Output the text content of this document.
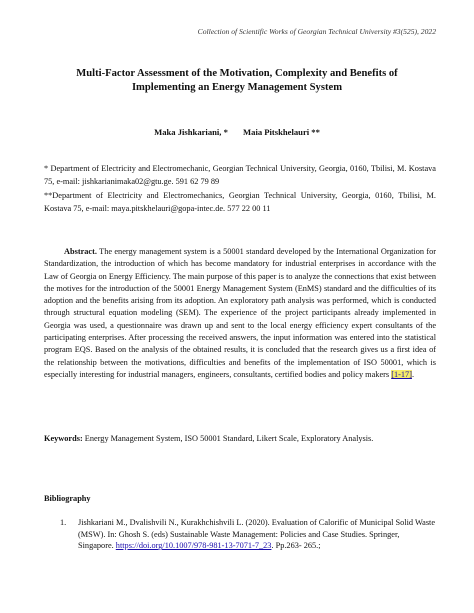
Collection of Scientific Works of Georgian Technical University #3(525), 2022
Multi-Factor Assessment of the Motivation, Complexity and Benefits of
Implementing an Energy Management System
Maka Jishkariani, * Maia Pitskhelauri **
* Department of Electricity and Electromechanic, Georgian Technical University, Georgia, 0160, Tbilisi, M. Kostava 75, e-mail: jishkarianimaka02@gtu.ge. 591 62 79 89
**Department of Electricity and Electromechanics, Georgian Technical University, Georgia, 0160, Tbilisi, M. Kostava 75, e-mail: maya.pitskhelauri@gopa-intec.de. 577 22 00 11
Abstract. The energy management system is a 50001 standard developed by the International Organization for Standardization, the introduction of which has become mandatory for industrial enterprises in accordance with the Law of Georgia on Energy Efficiency. The main purpose of this paper is to analyze the connections that exist between the motives for the introduction of the 50001 Energy Management System (EnMS) standard and the difficulties of its adoption and the benefits arising from its adoption. An exploratory path analysis was performed, which is conducted through structural equation modeling (SEM). The experience of the project participants already implemented in Georgia was used, a questionnaire was drawn up and sent to the local energy efficiency expert consultants of the participating enterprises. After processing the received answers, the input information was entered into the statistical program EQS. Based on the analysis of the obtained results, it is concluded that the research gives us a first idea of the relationship between the motivations, difficulties and benefits of the implementation of ISO 50001, which is especially interesting for industrial managers, engineers, consultants, certified bodies and policy makers [1-17].
Keywords: Energy Management System, ISO 50001 Standard, Likert Scale, Exploratory Analysis.
Bibliography
1.	Jishkariani M., Dvalishvili N., Kurakhchishvili L. (2020). Evaluation of Calorific of Municipal Solid Waste (MSW). In: Ghosh S. (eds) Sustainable Waste Management: Policies and Case Studies. Springer, Singapore. https://doi.org/10.1007/978-981-13-7071-7_23. Pp.263- 265.;
